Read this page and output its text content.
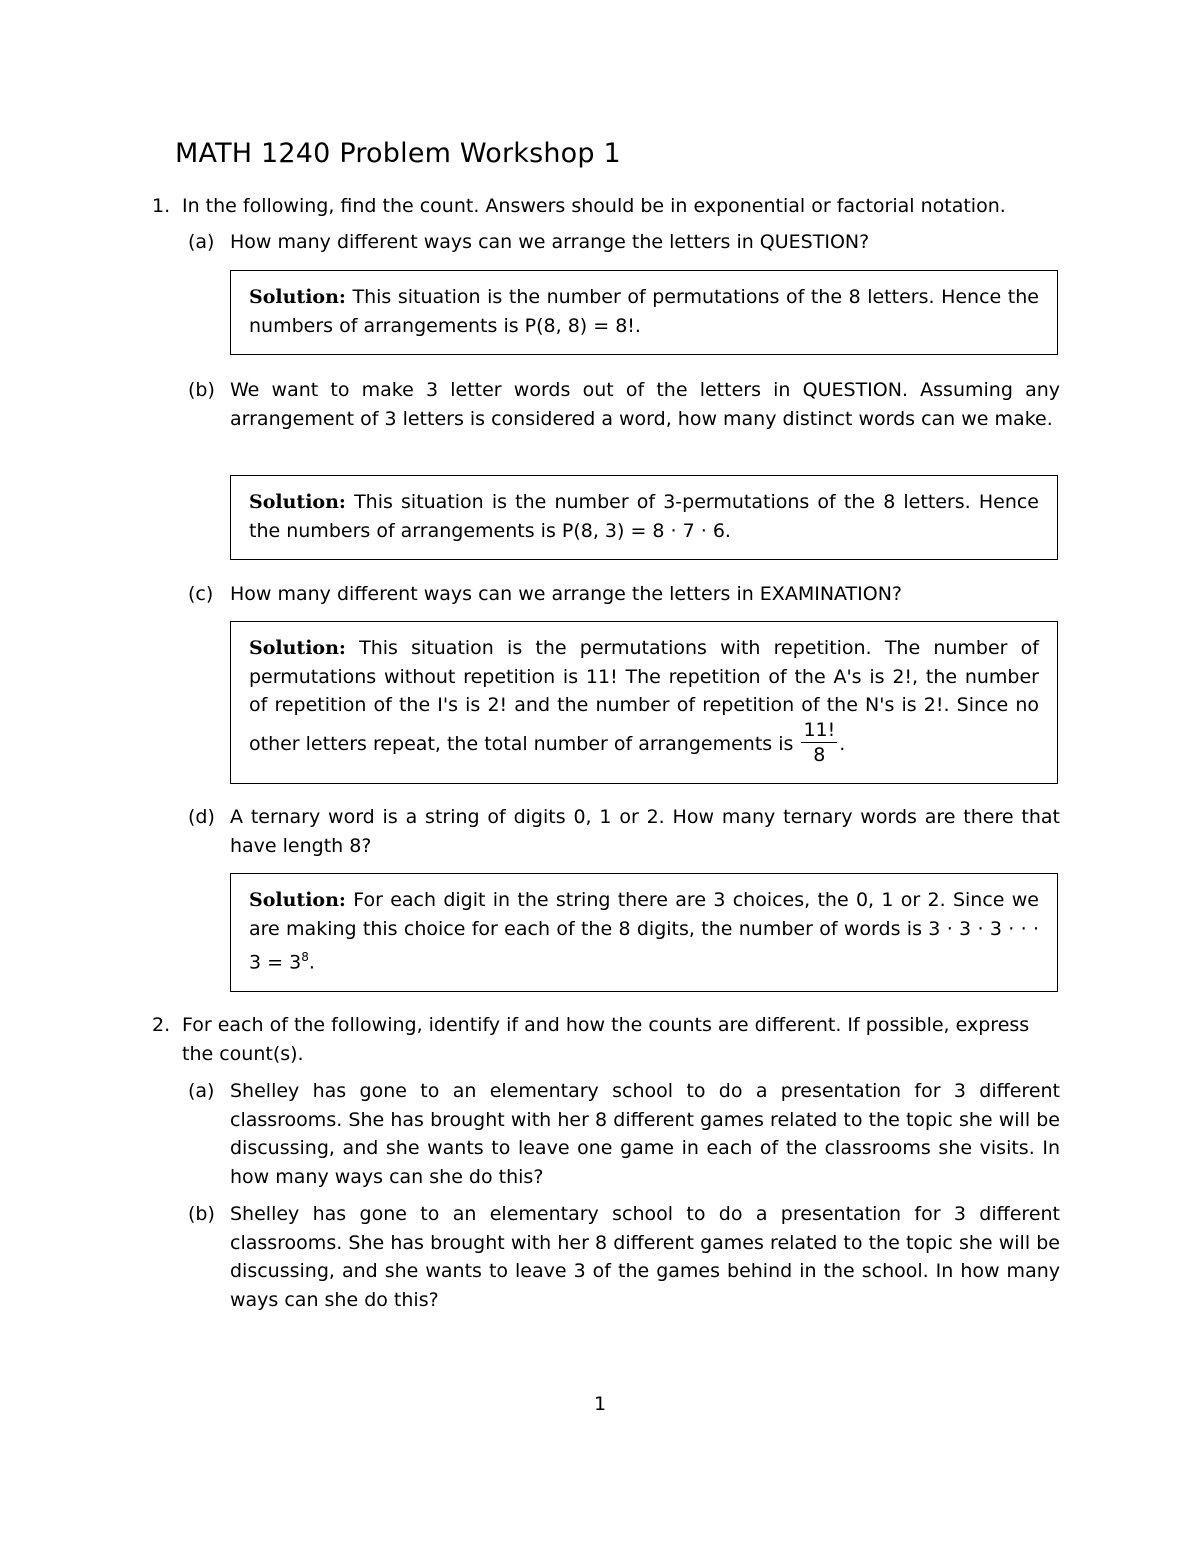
MATH 1240 Problem Workshop 1
1. In the following, find the count. Answers should be in exponential or factorial notation.
(a) How many different ways can we arrange the letters in QUESTION?
Solution: This situation is the number of permutations of the 8 letters. Hence the numbers of arrangements is P(8, 8) = 8!.
(b) We want to make 3 letter words out of the letters in QUESTION. Assuming any arrangement of 3 letters is considered a word, how many distinct words can we make.
Solution: This situation is the number of 3-permutations of the 8 letters. Hence the numbers of arrangements is P(8, 3) = 8 · 7 · 6.
(c) How many different ways can we arrange the letters in EXAMINATION?
Solution: This situation is the permutations with repetition. The number of permutations without repetition is 11! The repetition of the A's is 2!, the number of repetition of the I's is 2! and the number of repetition of the N's is 2!. Since no other letters repeat, the total number of arrangements is $\frac{11!}{8}$ .
(d) A ternary word is a string of digits 0, 1 or 2. How many ternary words are there that have length 8?
Solution: For each digit in the string there are 3 choices, the 0, 1 or 2. Since we are making this choice for each of the 8 digits, the number of words is 3 · 3 · 3 · · · $3 = 3^8$.
2. For each of the following, identify if and how the counts are different. If possible, express the count(s).
(a) Shelley has gone to an elementary school to do a presentation for 3 different classrooms. She has brought with her 8 different games related to the topic she will be discussing, and she wants to leave one game in each of the classrooms she visits. In how many ways can she do this?
(b) Shelley has gone to an elementary school to do a presentation for 3 different classrooms. She has brought with her 8 different games related to the topic she will be discussing, and she wants to leave 3 of the games behind in the school. In how many ways can she do this?
1
